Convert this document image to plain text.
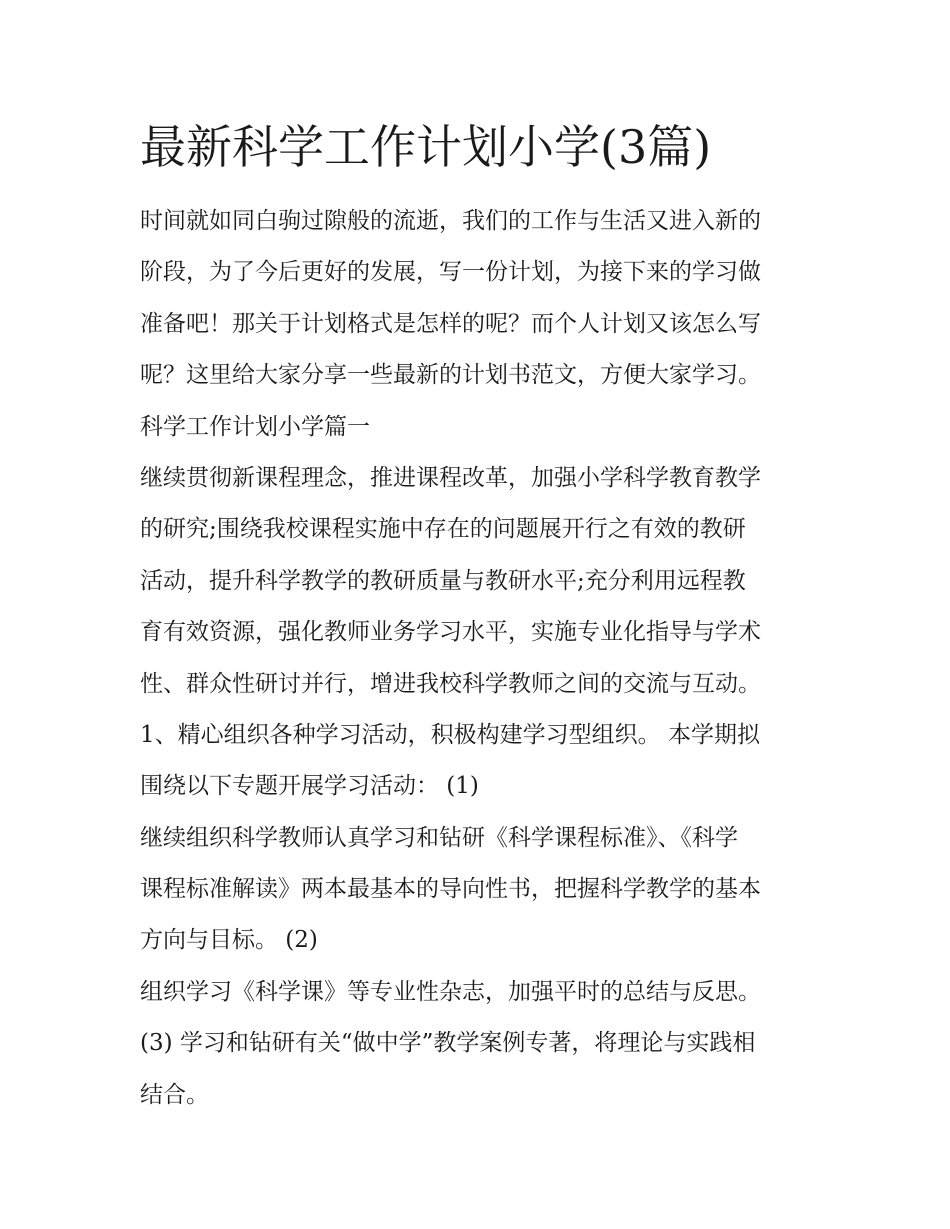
最新科学工作计划小学(3篇)
时间就如同白驹过隙般的流逝，我们的工作与生活又进入新的
阶段，为了今后更好的发展，写一份计划，为接下来的学习做
准备吧！那关于计划格式是怎样的呢？而个人计划又该怎么写
呢？这里给大家分享一些最新的计划书范文，方便大家学习。
科学工作计划小学篇一
继续贯彻新课程理念，推进课程改革，加强小学科学教育教学
的研究;围绕我校课程实施中存在的问题展开行之有效的教研
活动，提升科学教学的教研质量与教研水平;充分利用远程教
育有效资源，强化教师业务学习水平，实施专业化指导与学术
性、群众性研讨并行，增进我校科学教师之间的交流与互动。
1、精心组织各种学习活动，积极构建学习型组织。 本学期拟
围绕以下专题开展学习活动： (1)
继续组织科学教师认真学习和钻研《科学课程标准》、《科学
课程标准解读》两本最基本的导向性书，把握科学教学的基本
方向与目标。 (2)
组织学习《科学课》等专业性杂志，加强平时的总结与反思。
(3) 学习和钻研有关“做中学”教学案例专著，将理论与实践相
结合。
